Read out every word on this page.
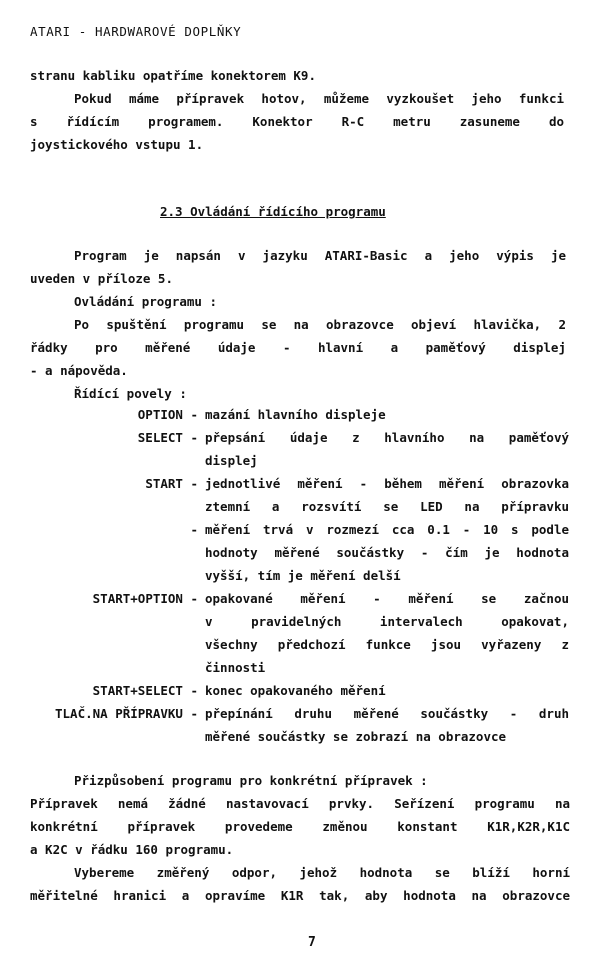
ATARI - HARDWAROVÉ DOPLŇKY
stranu kabliku opatříme konektorem K9.
Pokud máme přípravek hotov, můžeme vyzkoušet jeho funkci
s řídícím programem. Konektor R-C metru zasuneme do
joystickového vstupu 1.
2.3 Ovládání řídícího programu
Program je napsán v jazyku ATARI-Basic a jeho výpis je
uveden v příloze 5.
Ovládání programu :
Po spuštění programu se na obrazovce objeví hlavička, 2
řádky pro měřené údaje - hlavní a paměťový displej
- a nápověda.
Řídící povely :
OPTION - mazání hlavního displeje
SELECT - přepsání údaje z hlavního na paměťový
displej
START - jednotlivé měření - během měření obrazovka
ztemní a rozsvítí se LED na přípravku
- měření trvá v rozmezí cca 0.1 - 10 s podle
hodnoty měřené součástky - čím je hodnota
vyšší, tím je měření delší
START+OPTION - opakované měření - měření se začnou
v pravidelných intervalech opakovat,
všechny předchozí funkce jsou vyřazeny z
činnosti
START+SELECT - konec opakovaného měření
TLAČ.NA PŘÍPRAVKU - přepínání druhu měřené součástky - druh
měřené součástky se zobrazí na obrazovce
Přizpůsobení programu pro konkrétní přípravek :
Přípravek nemá žádné nastavovací prvky. Seřízení programu na
konkrétní přípravek provedeme změnou konstant K1R,K2R,K1C
a K2C v řádku 160 programu.
Vybereme změřený odpor, jehož hodnota se blíží horní
měřitelné hranici a opravíme K1R tak, aby hodnota na obrazovce
7
